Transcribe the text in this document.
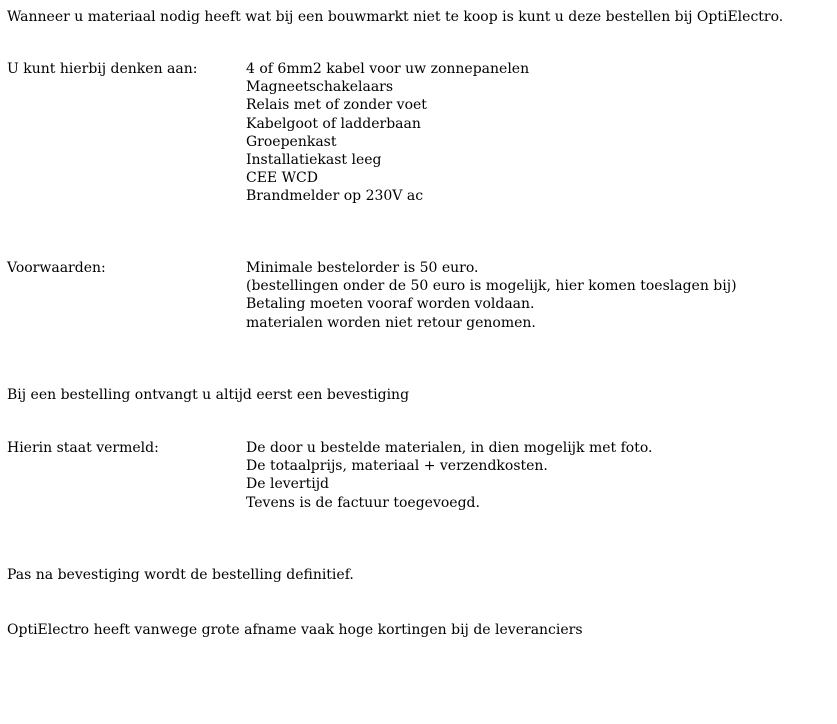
Wanneer u materiaal nodig heeft wat bij een bouwmarkt niet te koop is kunt u deze bestellen bij OptiElectro.
U kunt hierbij denken aan:	4 of 6mm2 kabel voor uw zonnepanelen
Magneetschakelaars
Relais met of zonder voet
Kabelgoot of ladderbaan
Groepenkast
Installatiekast leeg
CEE WCD
Brandmelder op 230V ac
Voorwaarden:	Minimale bestelorder is 50 euro.
(bestellingen onder de 50 euro is mogelijk, hier komen toeslagen bij)
Betaling moeten vooraf worden voldaan.
materialen worden niet retour genomen.
Bij een bestelling ontvangt u altijd eerst een bevestiging
Hierin staat vermeld:	De door u bestelde materialen, in dien mogelijk met foto.
De totaalprijs, materiaal + verzendkosten.
De levertijd
Tevens is de factuur toegevoegd.
Pas na bevestiging wordt de bestelling definitief.
OptiElectro heeft vanwege grote afname vaak hoge kortingen bij de leveranciers
